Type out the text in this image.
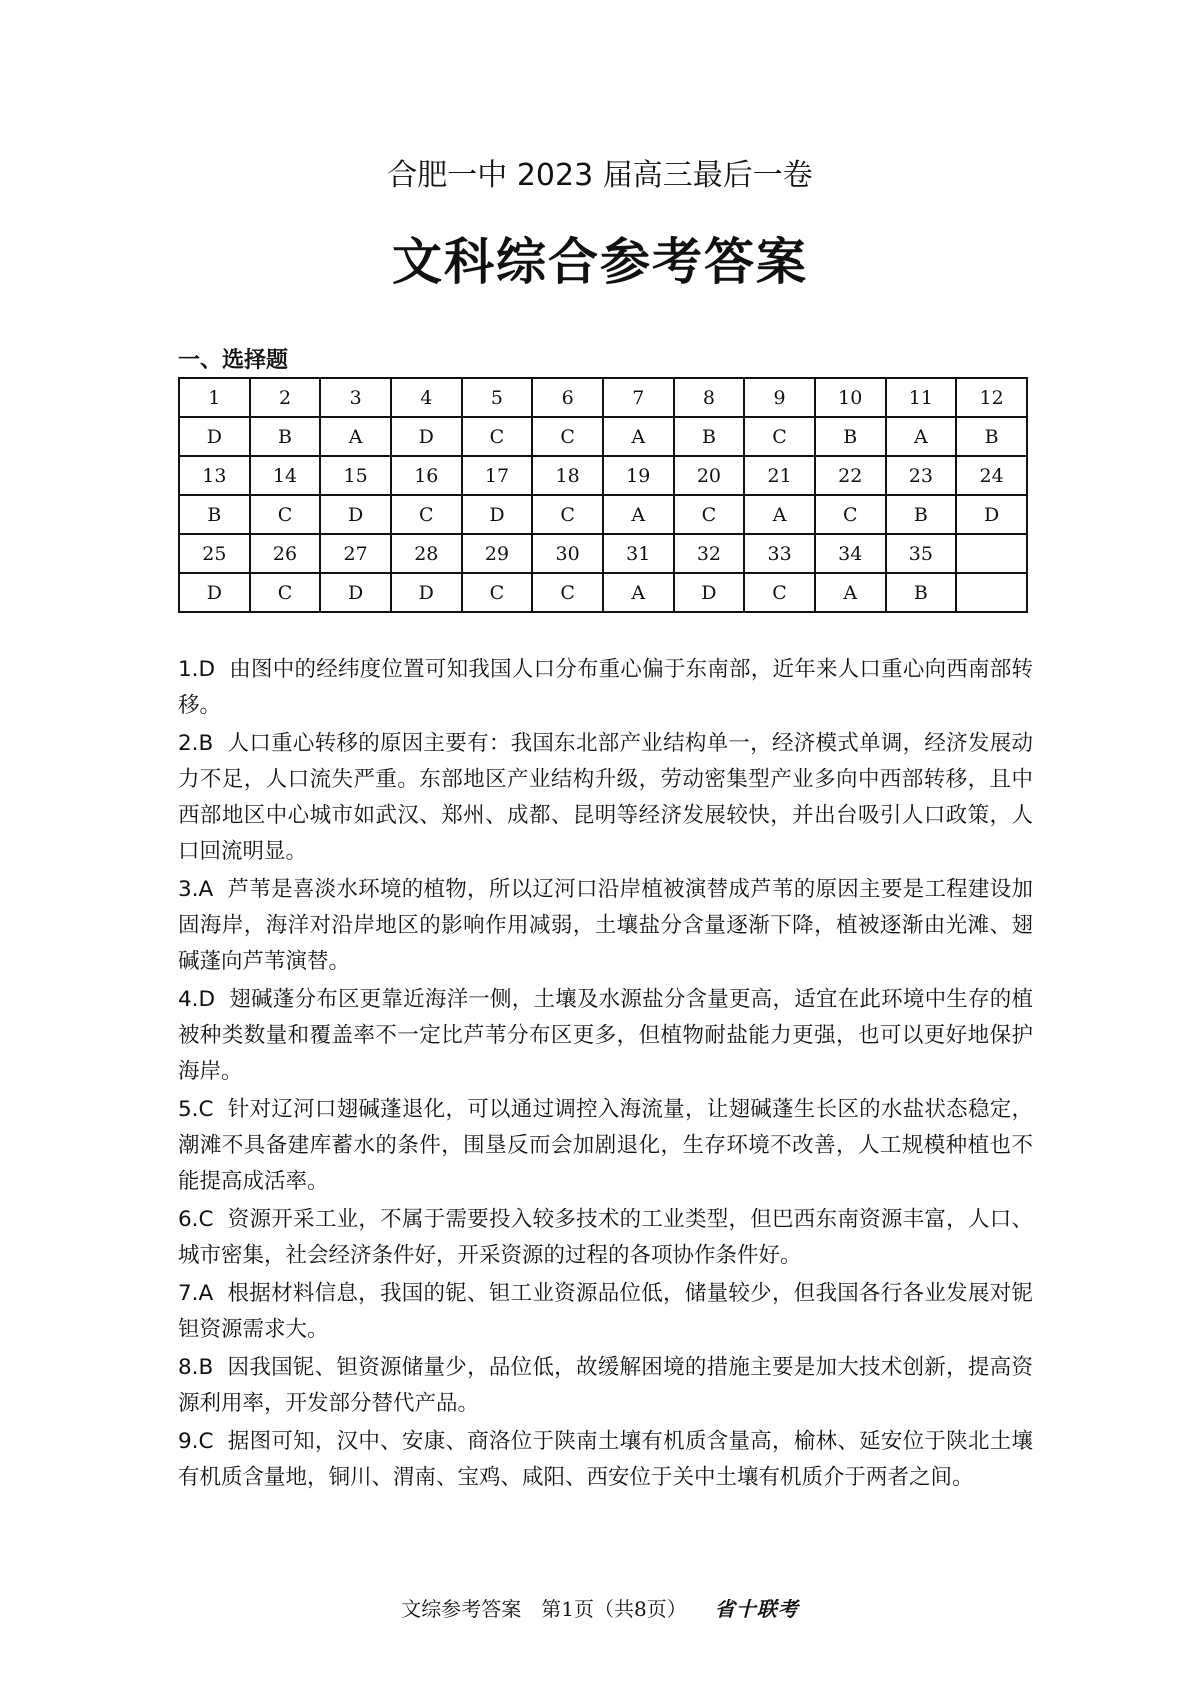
合肥一中 2023 届高三最后一卷
文科综合参考答案
一、选择题
1	2	3	4	5	6	7	8	9	10	11	12
D	B	A	D	C	C	A	B	C	B	A	B
13	14	15	16	17	18	19	20	21	22	23	24
B	C	D	C	D	C	A	C	A	C	B	D
25	26	27	28	29	30	31	32	33	34	35	
D	C	D	D	C	C	A	D	C	A	B	

1.D 由图中的经纬度位置可知我国人口分布重心偏于东南部，近年来人口重心向西南部转移。

2.B 人口重心转移的原因主要有：我国东北部产业结构单一，经济模式单调，经济发展动力不足，人口流失严重。东部地区产业结构升级，劳动密集型产业多向中西部转移，且中西部地区中心城市如武汉、郑州、成都、昆明等经济发展较快，并出台吸引人口政策，人口回流明显。

3.A 芦苇是喜淡水环境的植物，所以辽河口沿岸植被演替成芦苇的原因主要是工程建设加固海岸，海洋对沿岸地区的影响作用减弱，土壤盐分含量逐渐下降，植被逐渐由光滩、翅碱蓬向芦苇演替。

4.D 翅碱蓬分布区更靠近海洋一侧，土壤及水源盐分含量更高，适宜在此环境中生存的植被种类数量和覆盖率不一定比芦苇分布区更多，但植物耐盐能力更强，也可以更好地保护海岸。

5.C 针对辽河口翅碱蓬退化，可以通过调控入海流量，让翅碱蓬生长区的水盐状态稳定，潮滩不具备建库蓄水的条件，围垦反而会加剧退化，生存环境不改善，人工规模种植也不能提高成活率。

6.C 资源开采工业，不属于需要投入较多技术的工业类型，但巴西东南资源丰富，人口、城市密集，社会经济条件好，开采资源的过程的各项协作条件好。

7.A 根据材料信息，我国的铌、钽工业资源品位低，储量较少，但我国各行各业发展对铌钽资源需求大。

8.B 因我国铌、钽资源储量少，品位低，故缓解困境的措施主要是加大技术创新，提高资源利用率，开发部分替代产品。

9.C 据图可知，汉中、安康、商洛位于陕南土壤有机质含量高，榆林、延安位于陕北土壤有机质含量地，铜川、渭南、宝鸡、咸阳、西安位于关中土壤有机质介于两者之间。

文综参考答案　第1页（共8页） 省十联考
